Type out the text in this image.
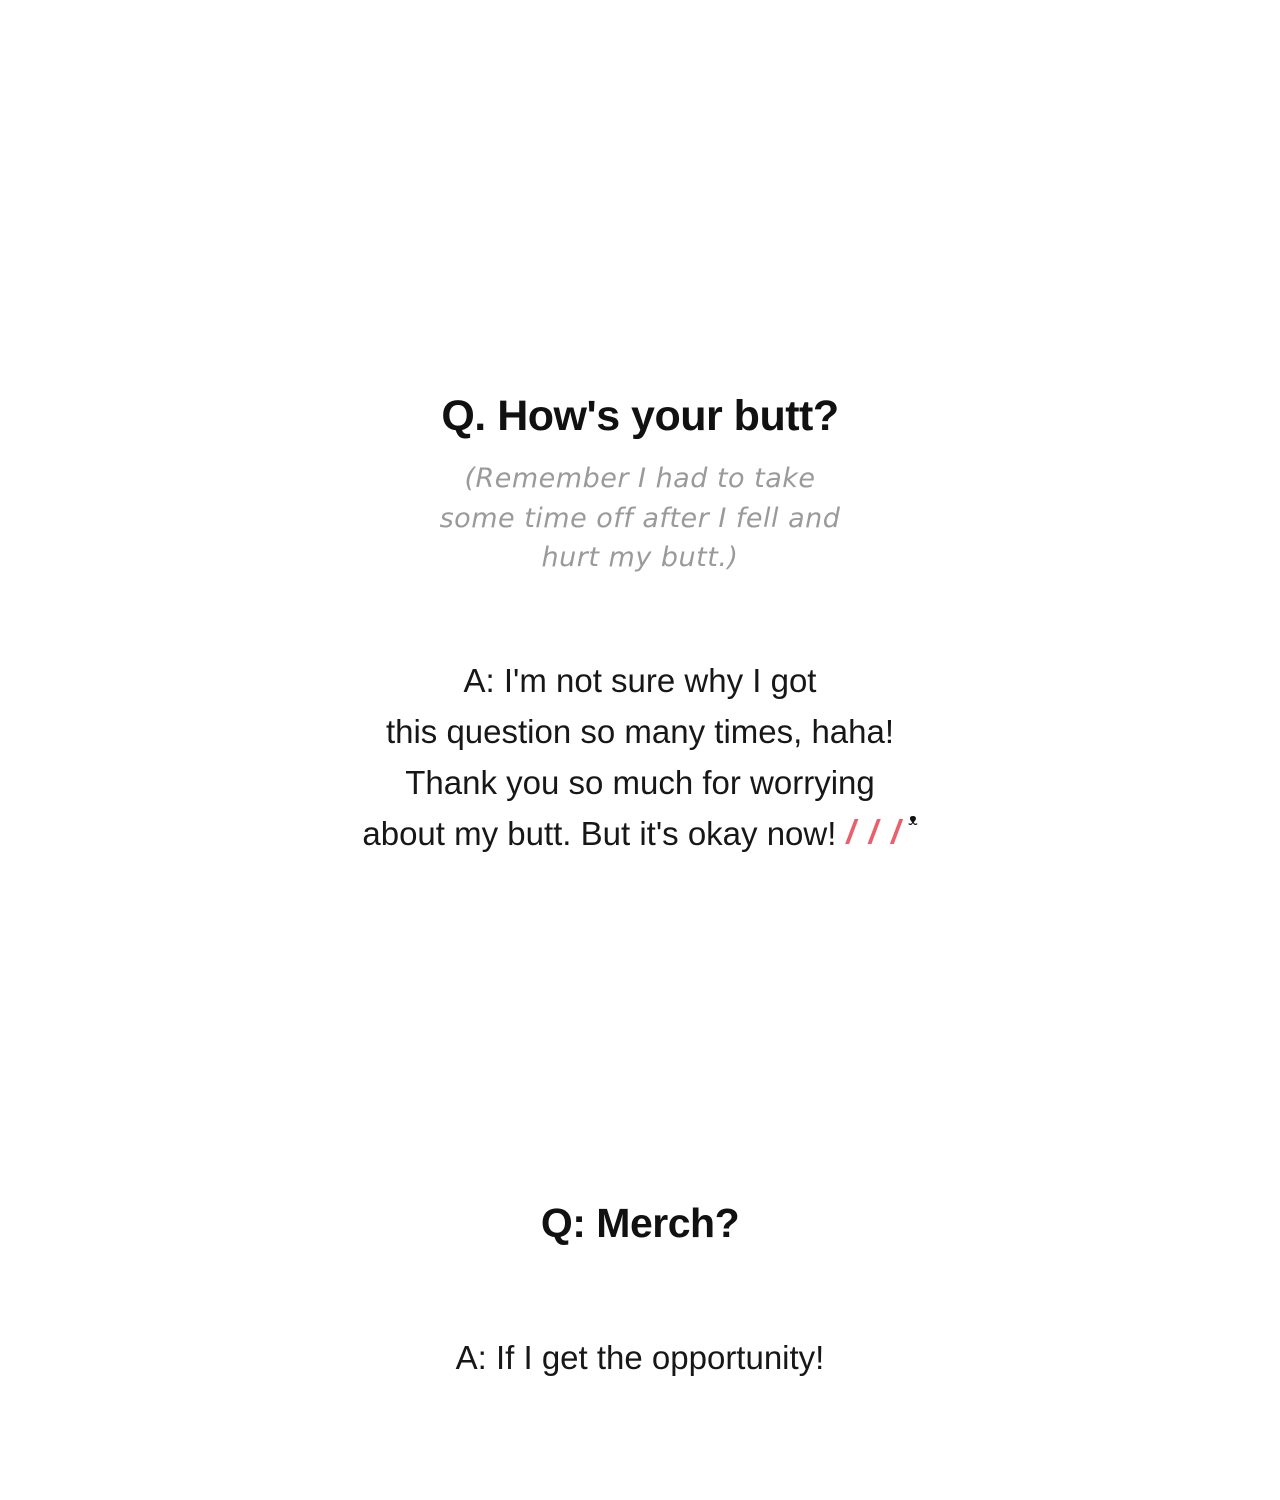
Q. How's your butt?
(Remember I had to take
some time off after I fell and
hurt my butt.)
A: I'm not sure why I got
this question so many times, haha!
Thank you so much for worrying
about my butt. But it's okay now! / / / ᵜ
Q: Merch?
A: If I get the opportunity!
